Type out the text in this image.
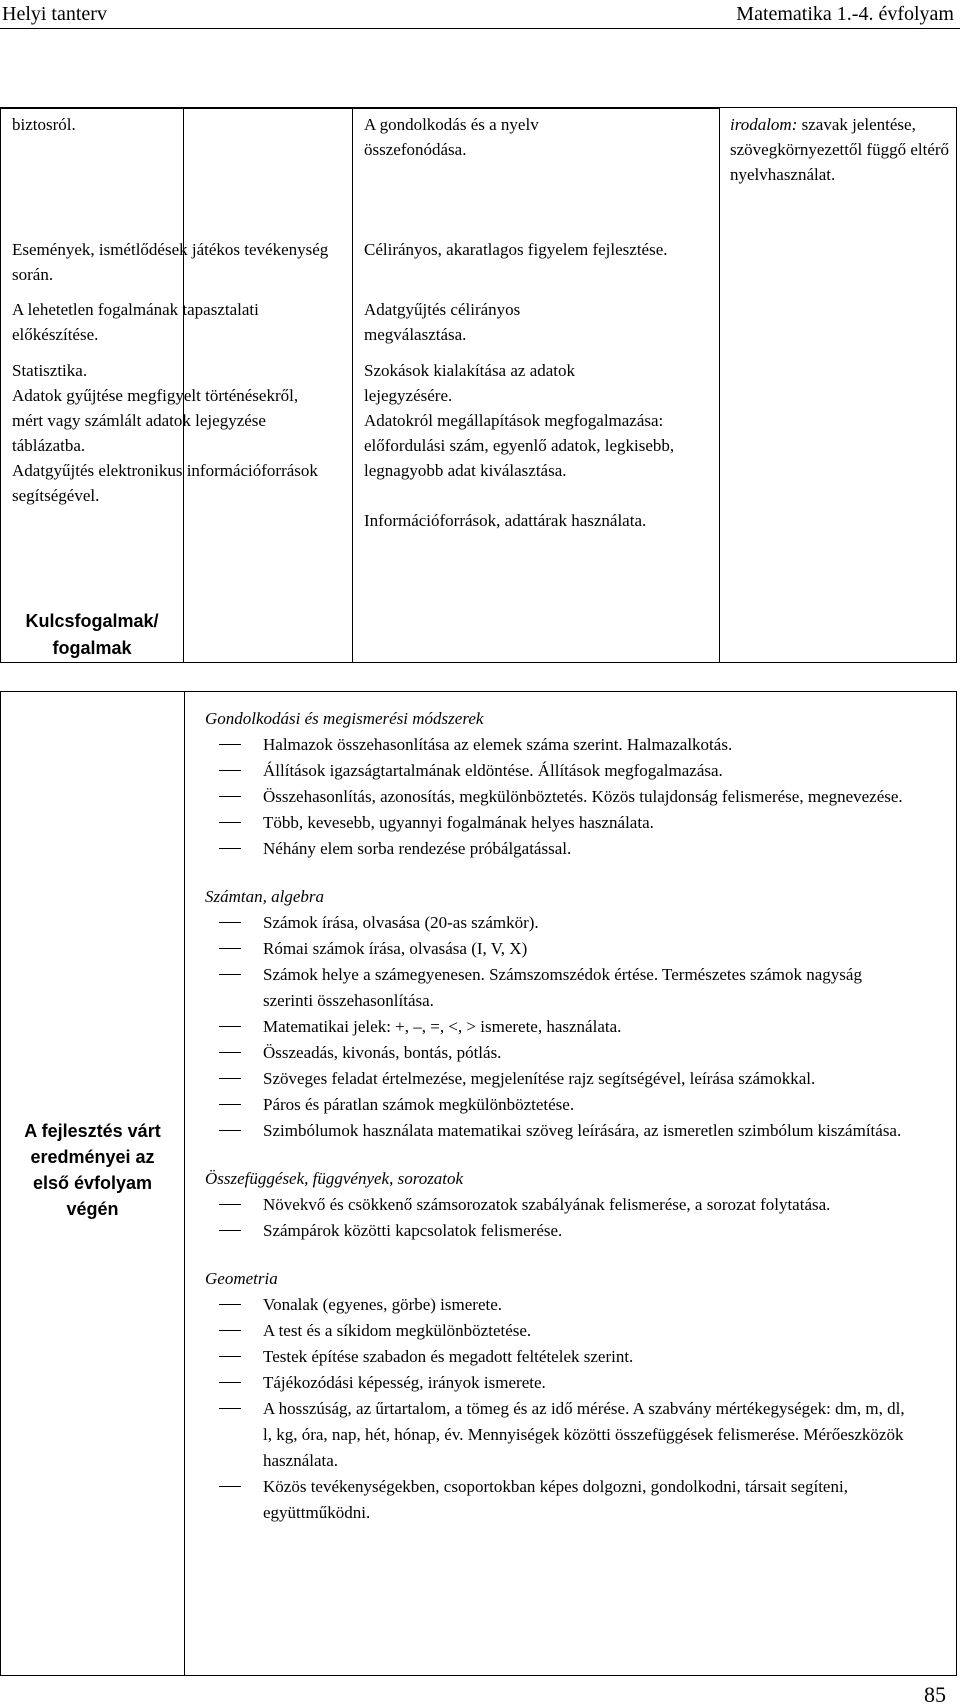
Helyi tanterv	Matematika 1.-4. évfolyam

biztosról.

Események, ismétlődések játékos tevékenység során.

A lehetetlen fogalmának tapasztalati előkészítése.

Statisztika.

Adatok gyűjtése megfigyelt történésekről, mért vagy számlált adatok lejegyzése táblázatba.

Adatgyűjtés elektronikus információforrások segítségével.

A gondolkodás és a nyelv összefonódása.

Célirányos, akaratlagos figyelem fejlesztése.

Adatgyűjtés célirányos megválasztása.

Szokások kialakítása az adatok lejegyzésére.

Adatokról megállapítások megfogalmazása: előfordulási szám, egyenlő adatok, legkisebb, legnagyobb adat kiválasztása.

Információforrások, adattárak használata.

irodalom: szavak jelentése, szövegkörnyezettől függő eltérő nyelvhasználat.

Kulcsfogalmak/
fogalmak
A fejlesztés várt
eredményei az
első évfolyam
végén
Gondolkodási és megismerési módszerek
Halmazok összehasonlítása az elemek száma szerint. Halmazalkotás.
Állítások igazságtartalmának eldöntése. Állítások megfogalmazása.
Összehasonlítás, azonosítás, megkülönböztetés. Közös tulajdonság felismerése, megnevezése.
Több, kevesebb, ugyannyi fogalmának helyes használata.
Néhány elem sorba rendezése próbálgatással.
Számtan, algebra
Számok írása, olvasása (20-as számkör).
Római számok írása, olvasása (I, V, X)
Számok helye a számegyenesen. Számszomszédok értése. Természetes számok nagyság szerinti összehasonlítása.
Matematikai jelek: +, –, =, <, > ismerete, használata.
Összeadás, kivonás, bontás, pótlás.
Szöveges feladat értelmezése, megjelenítése rajz segítségével, leírása számokkal.
Páros és páratlan számok megkülönböztetése.
Szimbólumok használata matematikai szöveg leírására, az ismeretlen szimbólum kiszámítása.
Összefüggések, függvények, sorozatok
Növekvő és csökkenő számsorozatok szabályának felismerése, a sorozat folytatása.
Számpárok közötti kapcsolatok felismerése.
Geometria
Vonalak (egyenes, görbe) ismerete.
A test és a síkidom megkülönböztetése.
Testek építése szabadon és megadott feltételek szerint.
Tájékozódási képesség, irányok ismerete.
A hosszúság, az űrtartalom, a tömeg és az idő mérése. A szabvány mértékegységek: dm, m, dl, l, kg, óra, nap, hét, hónap, év. Mennyiségek közötti összefüggések felismerése. Mérőeszközök használata.
Közös tevékenységekben, csoportokban képes dolgozni, gondolkodni, társait segíteni, együttműködni.
85
